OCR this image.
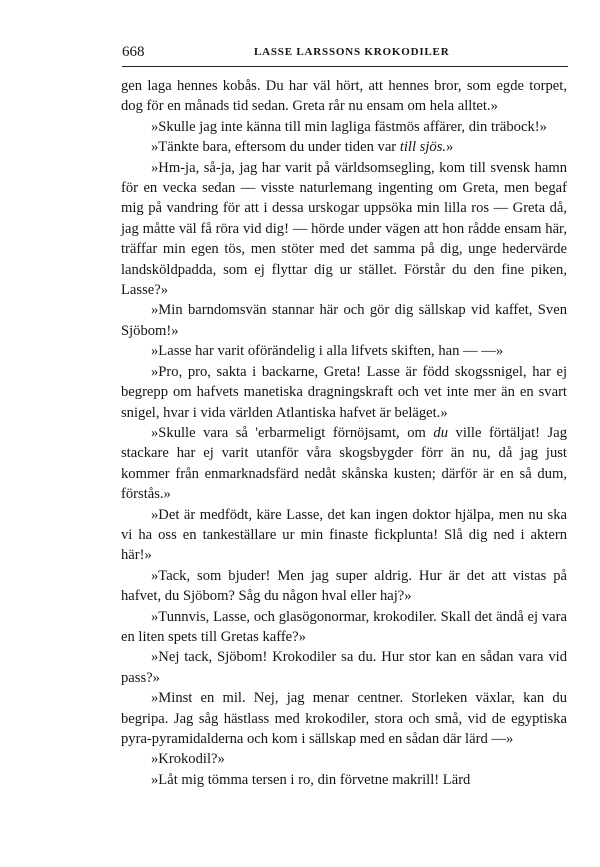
668	LASSE LARSSONS KROKODILER

gen laga hennes kobås. Du har väl hört, att hennes bror, som egde torpet, dog för en månads tid sedan. Greta rår nu ensam om hela alltet.»

»Skulle jag inte känna till min lagliga fästmös affärer, din träbock!»

»Tänkte bara, eftersom du under tiden var till sjös.»

»Hm-ja, så-ja, jag har varit på världsomsegling, kom till svensk hamn för en vecka sedan — visste naturlemang ingenting om Greta, men begaf mig på vandring för att i dessa urskogar uppsöka min lilla ros — Greta då, jag måtte väl få röra vid dig! — hörde under vägen att hon rådde ensam här, träffar min egen tös, men stöter med det samma på dig, unge hedervärde landsköldpadda, som ej flyttar dig ur stället. Förstår du den fine piken, Lasse?»

»Min barndomsvän stannar här och gör dig sällskap vid kaffet, Sven Sjöbom!»

»Lasse har varit oförändelig i alla lifvets skiften, han — —»

»Pro, pro, sakta i backarne, Greta! Lasse är född skogssnigel, har ej begrepp om hafvets manetiska dragningskraft och vet inte mer än en svart snigel, hvar i vida världen Atlantiska hafvet är beläget.»

»Skulle vara så 'erbarmeligt förnöjsamt, om du ville förtäljat! Jag stackare har ej varit utanför våra skogsbygder förr än nu, då jag just kommer från enmarknadsfärd nedåt skånska kusten; därför är en så dum, förstås.»

»Det är medfödt, käre Lasse, det kan ingen doktor hjälpa, men nu ska vi ha oss en tankeställare ur min finaste fickplunta! Slå dig ned i aktern här!»

»Tack, som bjuder! Men jag super aldrig. Hur är det att vistas på hafvet, du Sjöbom? Såg du någon hval eller haj?»

»Tunnvis, Lasse, och glasögonormar, krokodiler. Skall det ändå ej vara en liten spets till Gretas kaffe?»

»Nej tack, Sjöbom! Krokodiler sa du. Hur stor kan en sådan vara vid pass?»

»Minst en mil. Nej, jag menar centner. Storleken växlar, kan du begripa. Jag såg hästlass med krokodiler, stora och små, vid de egyptiska pyra-pyramidalderna och kom i sällskap med en sådan där lärd —»

»Krokodil?»

»Låt mig tömma tersen i ro, din förvetne makrill! Lärd
